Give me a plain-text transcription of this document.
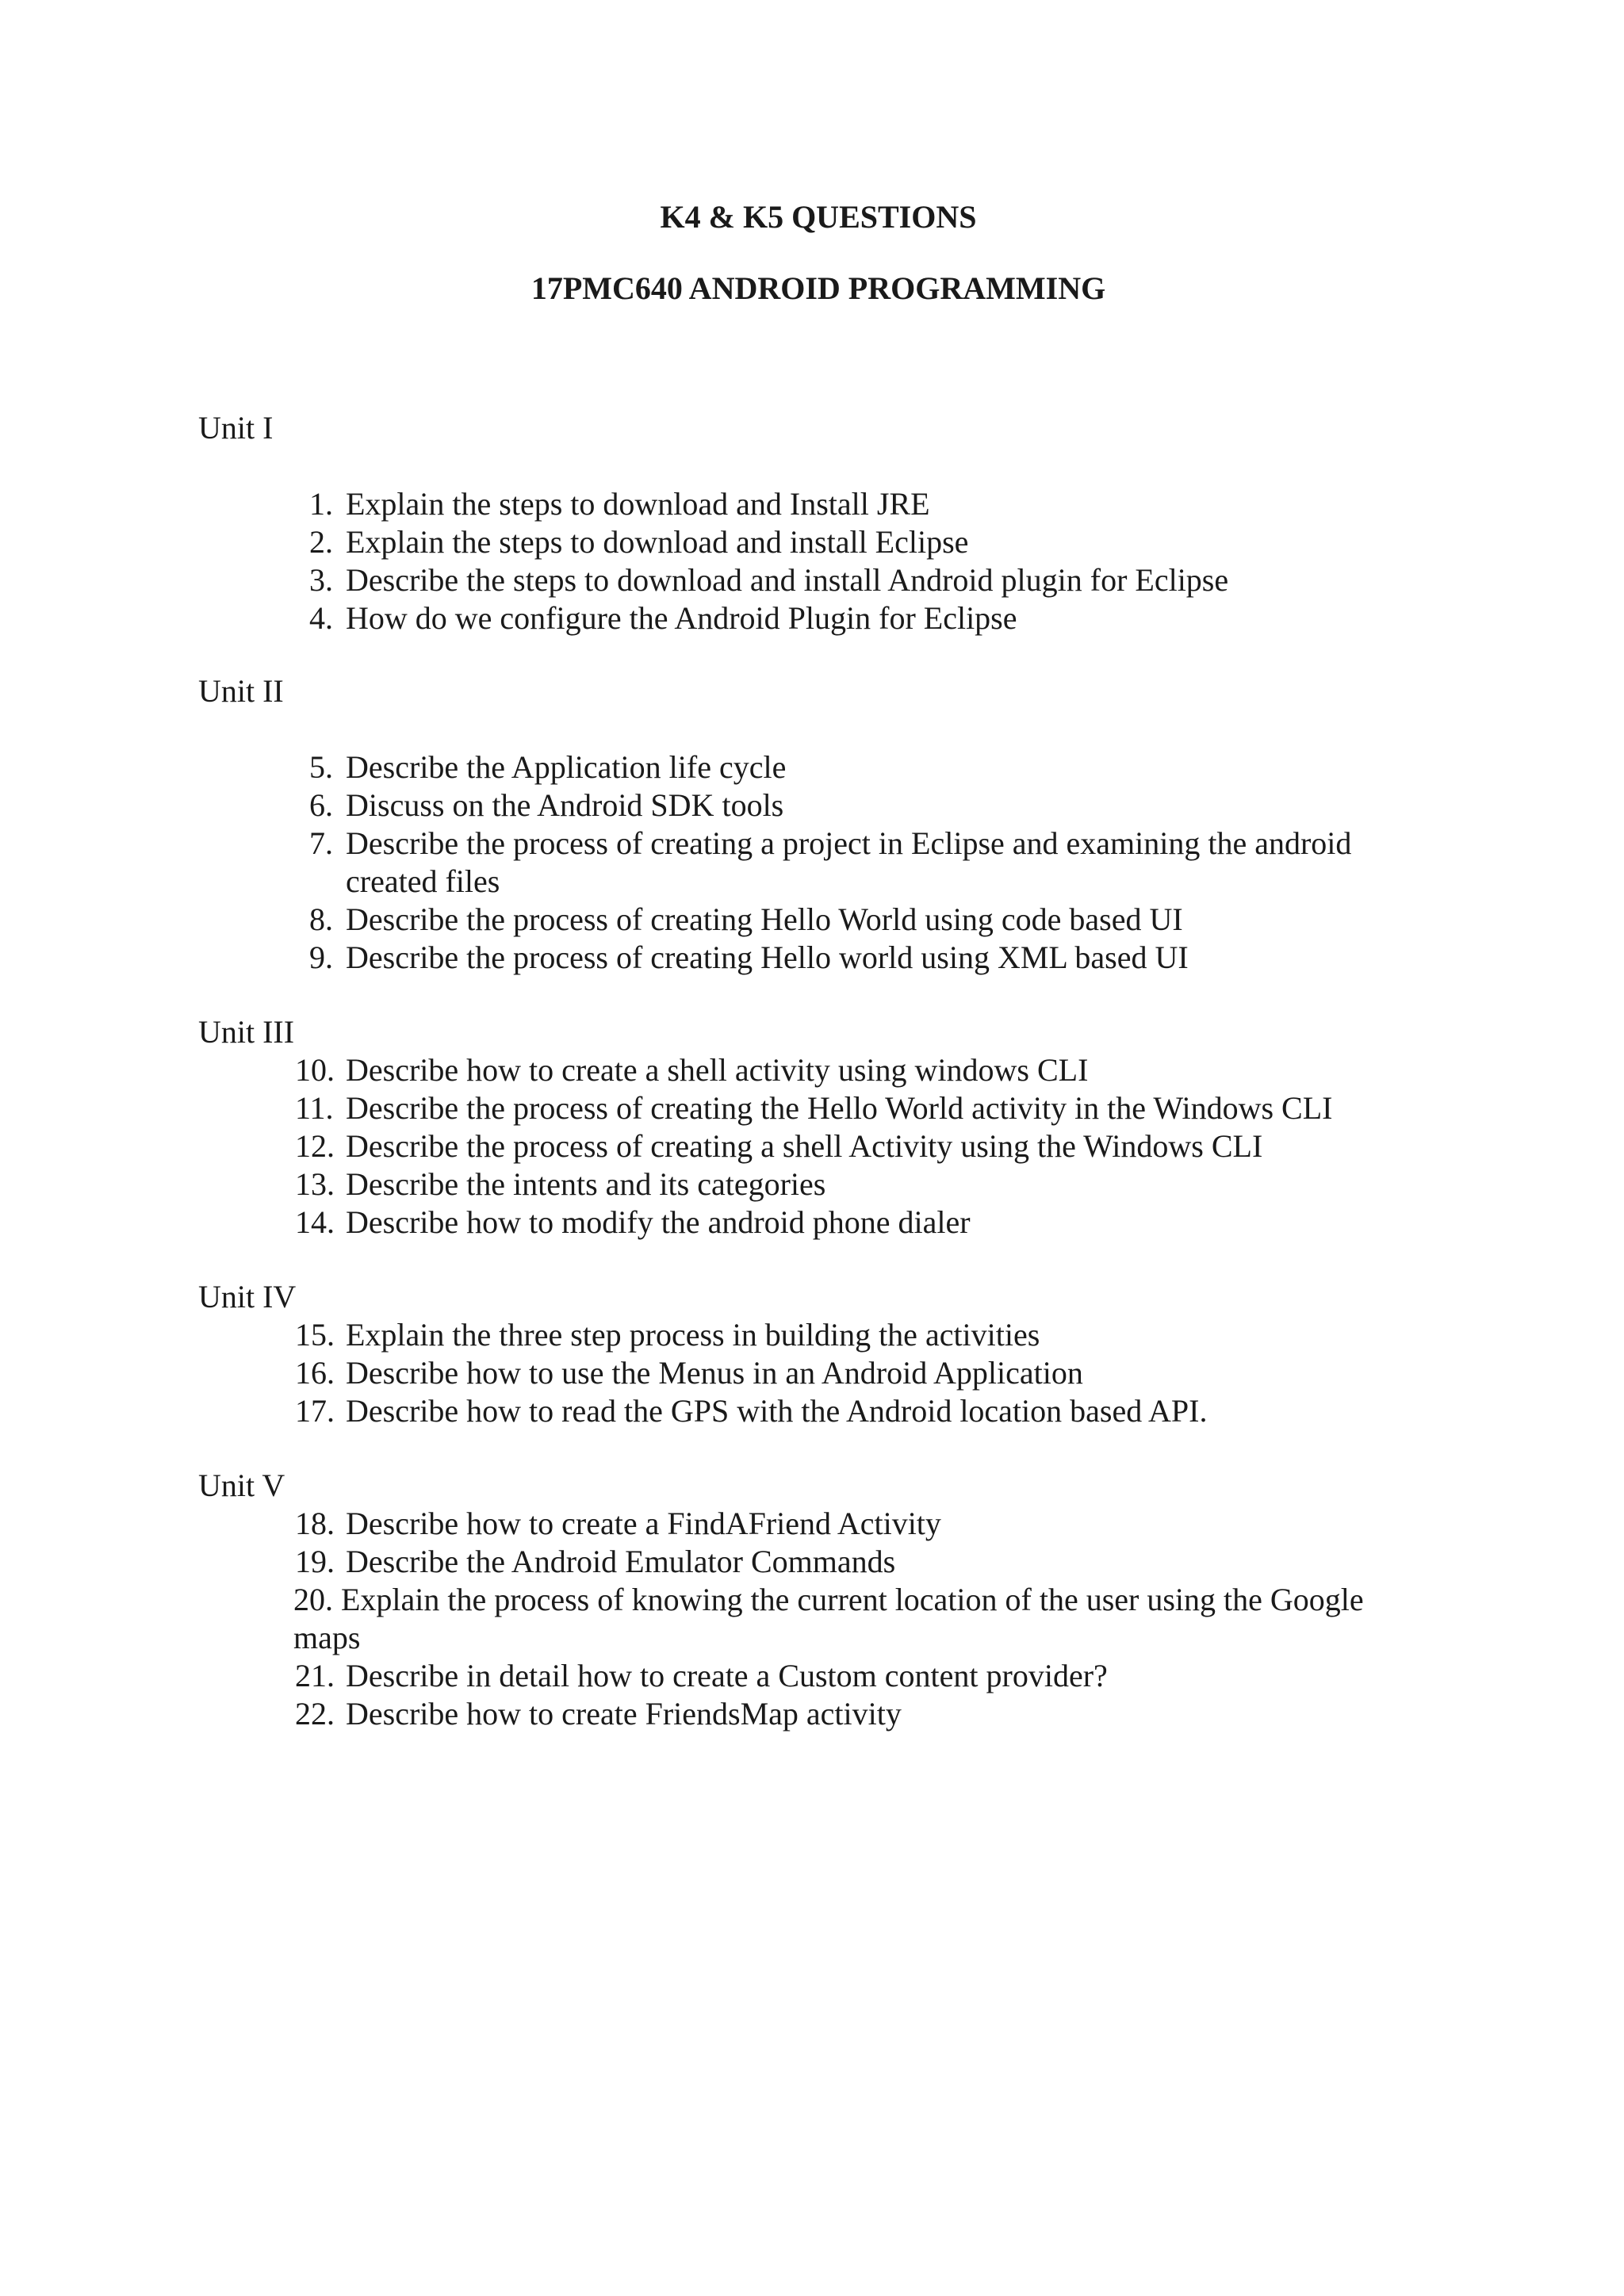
K4 & K5 QUESTIONS
17PMC640 ANDROID PROGRAMMING

Unit I

1. Explain the steps to download and Install JRE
2. Explain the steps to download and install Eclipse
3. Describe the steps to download and install Android plugin for Eclipse
4. How do we configure the Android Plugin for Eclipse

Unit II

5. Describe the Application life cycle
6. Discuss on the Android SDK tools
7. Describe the process of creating a project in Eclipse and examining the android created files
8. Describe the process of creating Hello World using code based UI
9. Describe the process of creating Hello world using XML based UI

Unit III

10. Describe how to create a shell activity using windows CLI
11. Describe the process of creating the Hello World activity in the Windows CLI
12. Describe the process of creating a shell Activity using the Windows CLI
13. Describe the intents and its categories
14. Describe how to modify the android phone dialer

Unit IV

15. Explain the three step process in building the activities
16. Describe how to use the Menus in an Android Application
17. Describe how to read the GPS with the Android location based API.

Unit V

18. Describe how to create a FindAFriend Activity
19. Describe the Android Emulator Commands
20. Explain the process of knowing the current location of the user using the Google maps
21. Describe in detail how to create a Custom content provider?
22. Describe how to create FriendsMap activity
